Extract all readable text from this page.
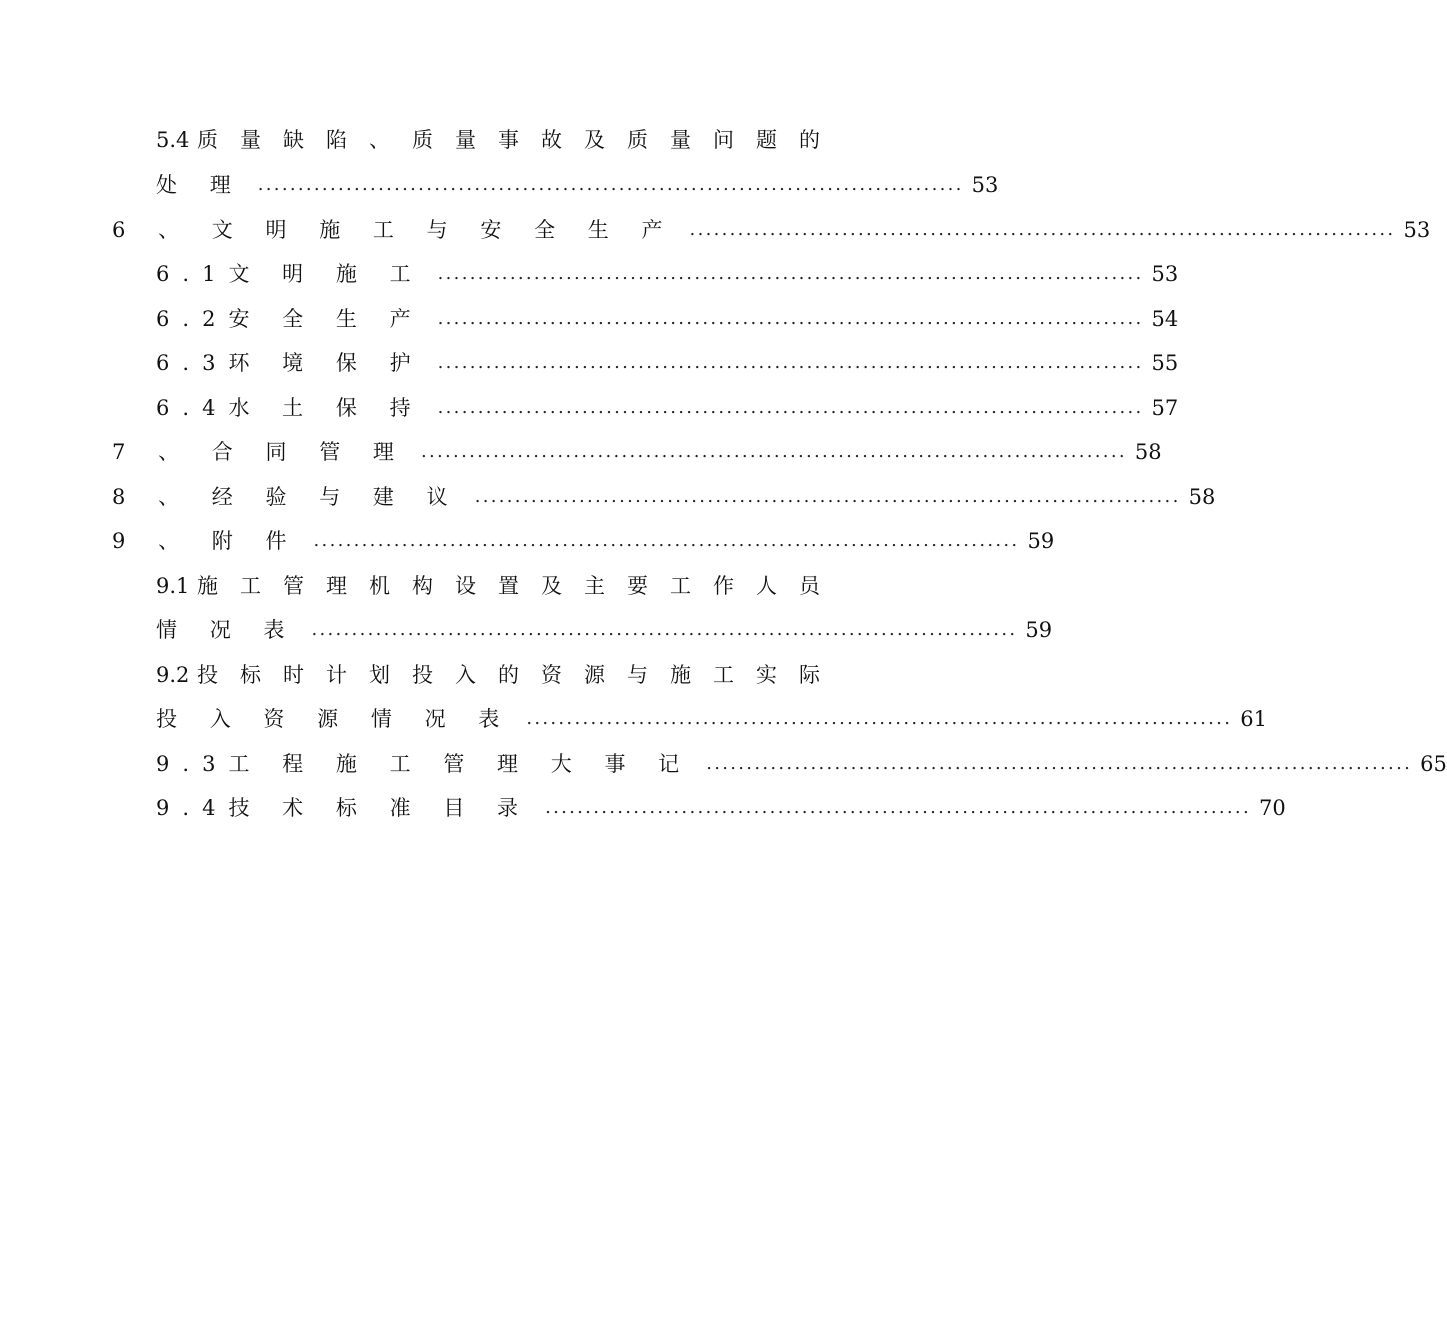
5.4质 量 缺 陷 、 质 量 事 故 及 质 量 问 题 的
处 理 ........................................................................................ 53
6 、 文 明 施 工 与 安 全 生 产 ........................................................................................ 53
6.1文 明 施 工 ........................................................................................ 53
6.2安 全 生 产 ........................................................................................ 54
6.3环 境 保 护 ........................................................................................ 55
6.4水 土 保 持 ........................................................................................ 57
7 、 合 同 管 理 ........................................................................................ 58
8 、 经 验 与 建 议 ........................................................................................ 58
9 、 附 件 ........................................................................................ 59
9.1施 工 管 理 机 构 设 置 及 主 要 工 作 人 员
情 况 表 ........................................................................................ 59
9.2投 标 时 计 划 投 入 的 资 源 与 施 工 实 际
投 入 资 源 情 况 表 ........................................................................................ 61
9.3工 程 施 工 管 理 大 事 记 ........................................................................................ 65
9.4技 术 标 准 目 录 ........................................................................................ 70
